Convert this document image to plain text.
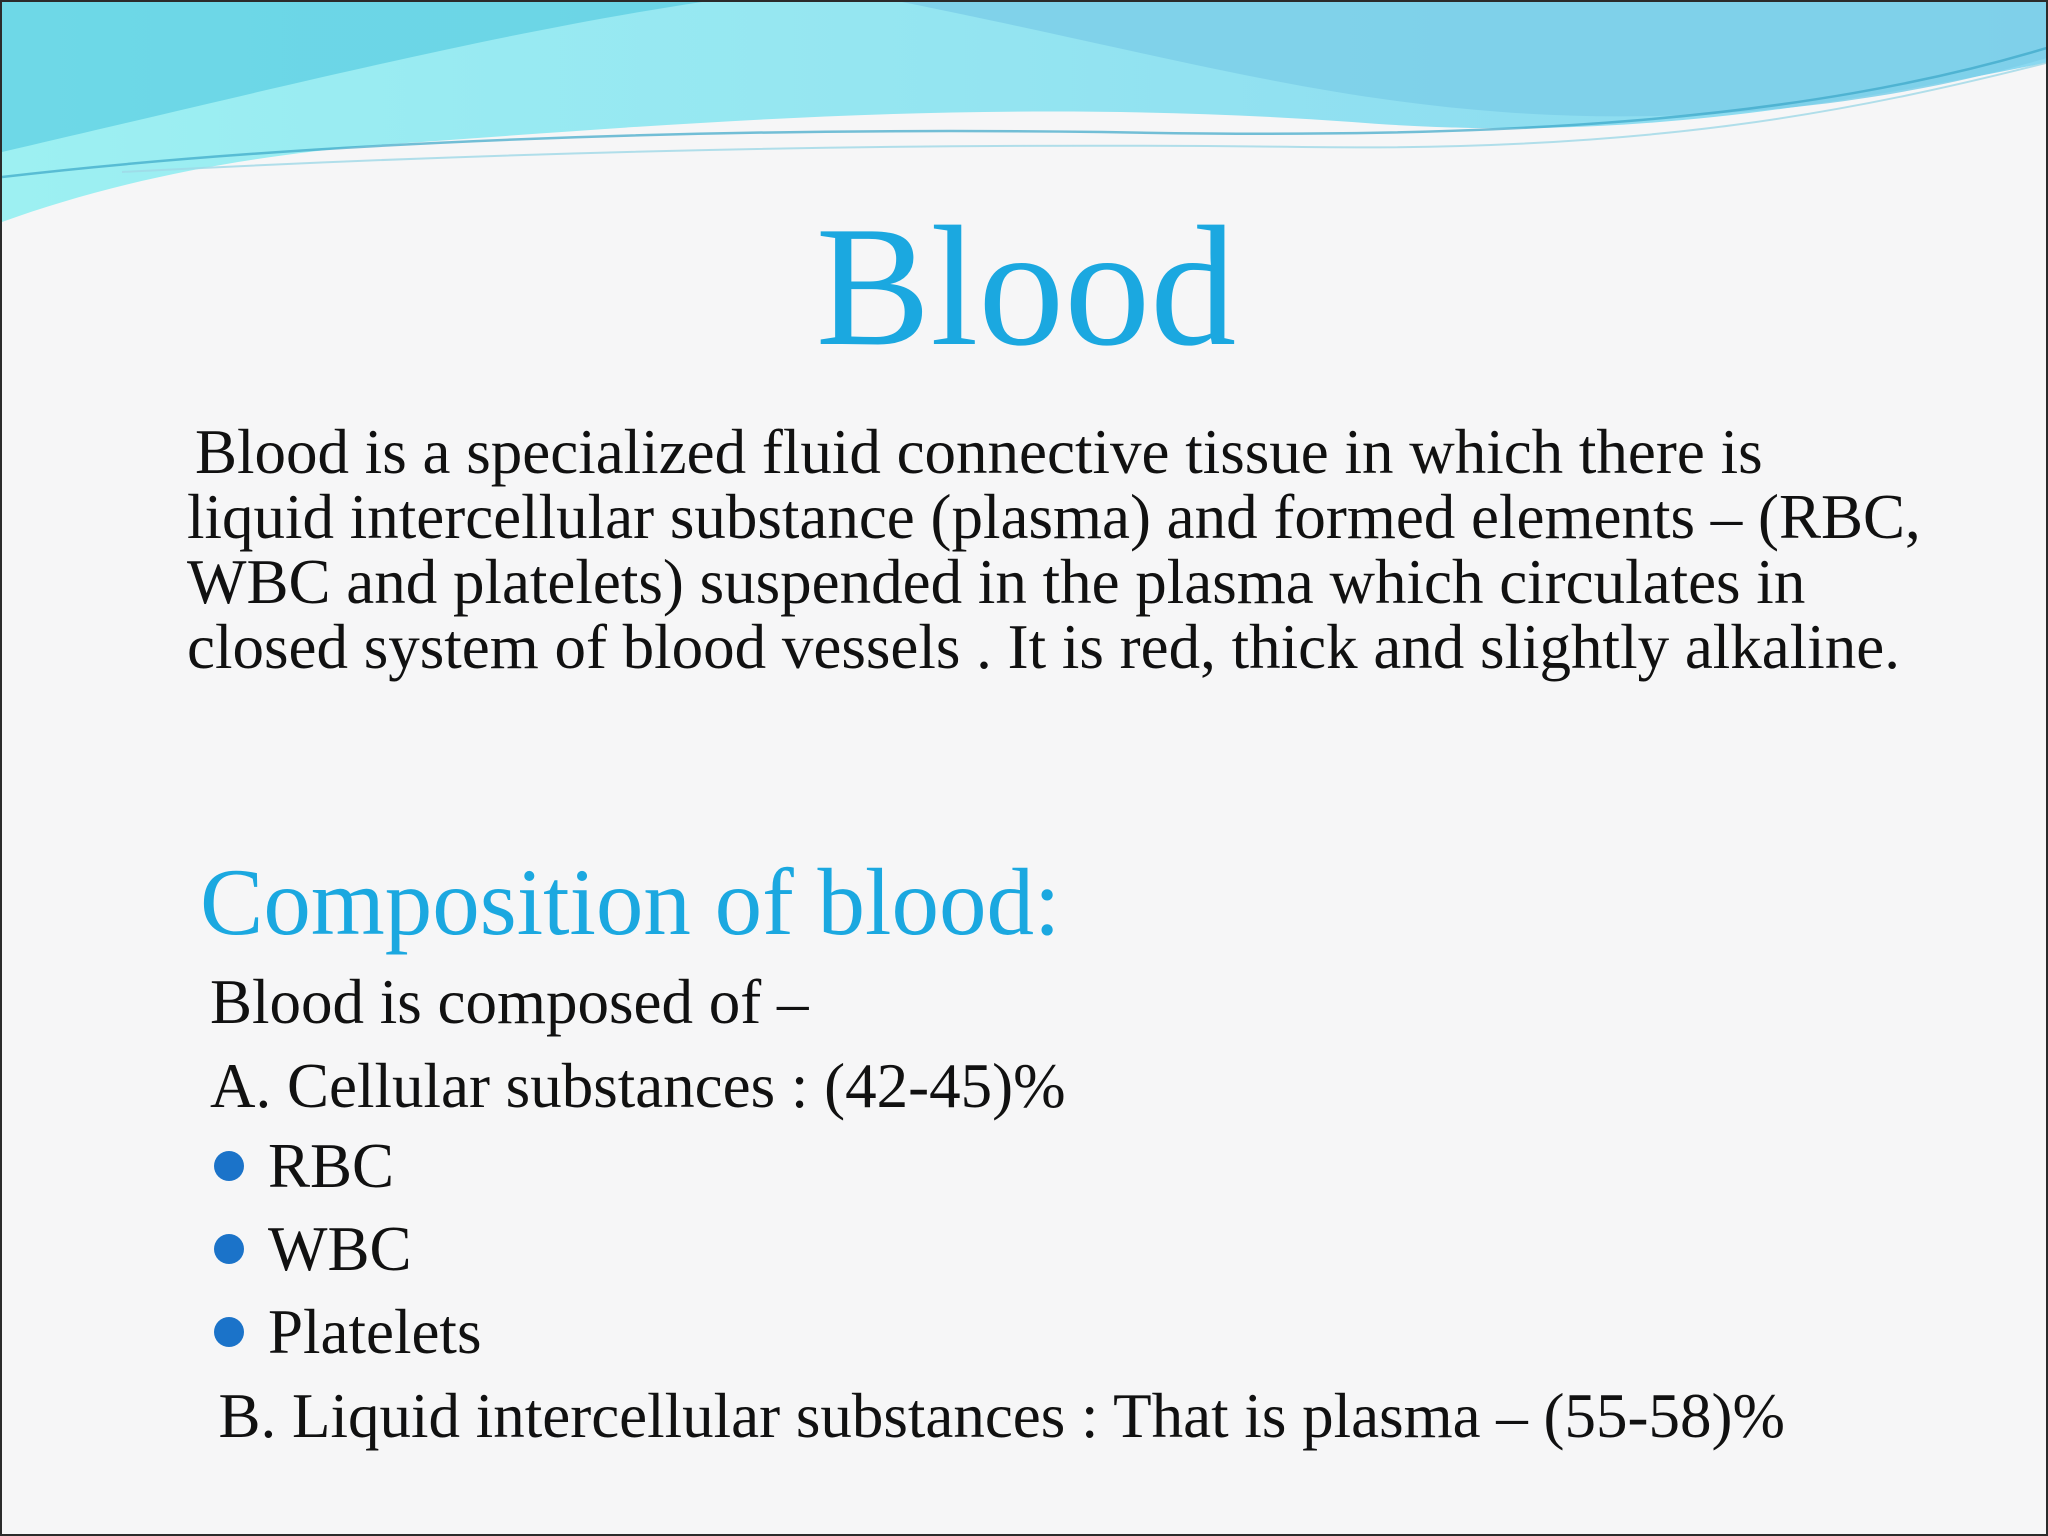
Blood

Blood is a specialized fluid connective tissue in which there is
liquid intercellular substance (plasma) and formed elements – (RBC, WBC and platelets) suspended in the plasma which circulates in closed system of blood vessels . It is red, thick and slightly alkaline.

Composition of blood:
Blood is composed of –
A. Cellular substances : (42-45)%
RBC
WBC
Platelets

B. Liquid intercellular substances : That is plasma – (55-58)%
